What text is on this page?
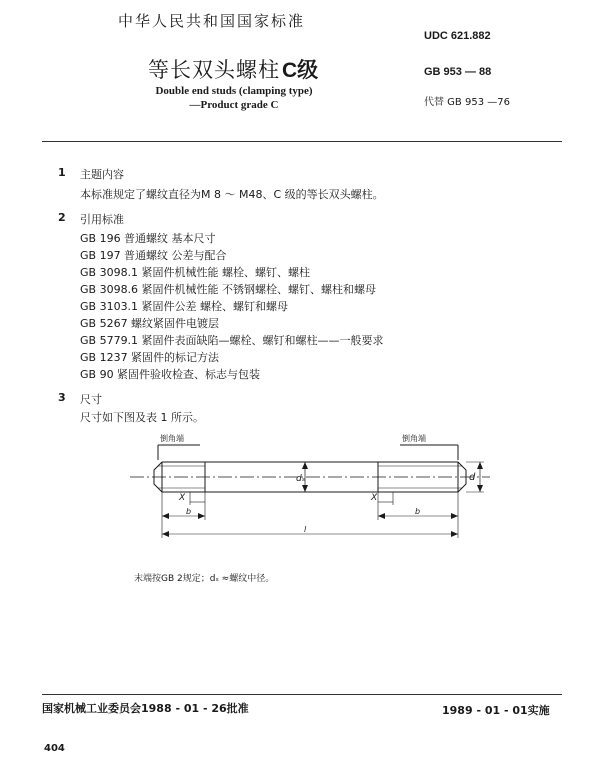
中华人民共和国国家标准
UDC 621.882
等长双头螺柱 C级	GB 953 — 88
Double end studs (clamping type)
—Product grade C	代替 GB 953 —76
1 主题内容
本标准规定了螺纹直径为M 8 ～ M48、C 级的等长双头螺柱。
2 引用标准
GB 196 普通螺纹 基本尺寸
GB 197 普通螺纹 公差与配合
GB 3098.1 紧固件机械性能 螺栓、螺钉、螺柱
GB 3098.6 紧固件机械性能 不锈钢螺栓、螺钉、螺柱和螺母
GB 3103.1 紧固件公差 螺栓、螺钉和螺母
GB 5267 螺纹紧固件电镀层
GB 5779.1 紧固件表面缺陷—螺栓、螺钉和螺柱——一般要求
GB 1237 紧固件的标记方法
GB 90 紧固件验收检查、标志与包装
3 尺寸
尺寸如下图及表 1 所示。
倒角端	倒角端
dₛ	d
X	X
b	b
l
末端按GB 2规定；dₛ ≈螺纹中径。
国家机械工业委员会1988 - 01 - 26批准	1989 - 01 - 01实施
404
